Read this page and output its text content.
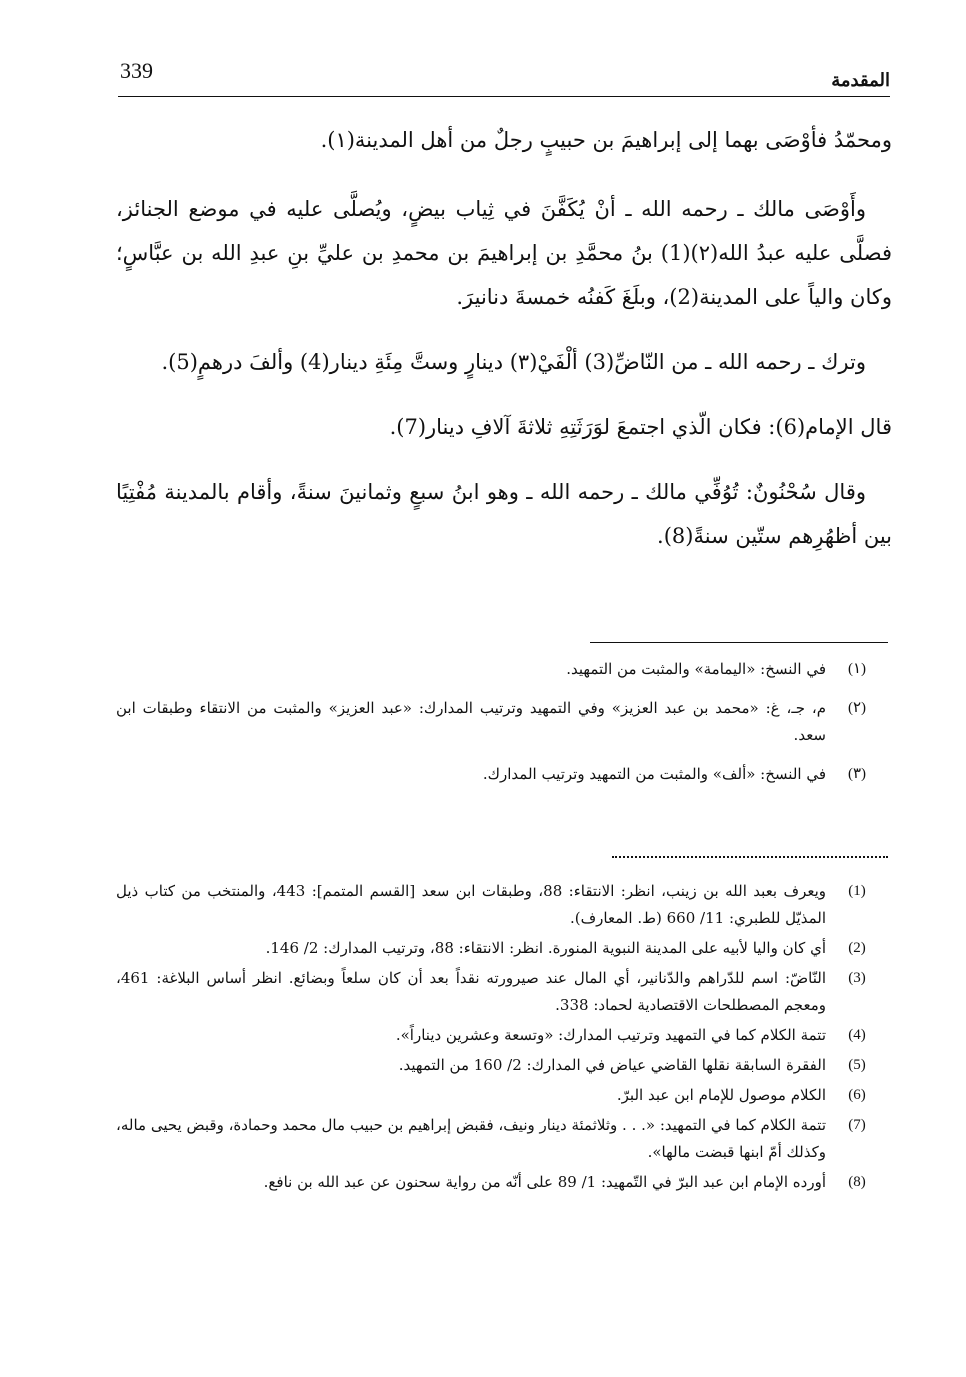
339	المقدمة

ومحمّدُ فأوْصَى بهما إلى إبراهيمَ بن حبيبٍ رجلٌ من أهل المدينة(١).

وأَوْصَى مالك ـ رحمه الله ـ أنْ يُكَفَّنَ في ثِياب بيضٍ، ويُصلَّى عليه في موضع الجنائز، فصلَّى عليه عبدُ الله(٢)(1) بنُ محمَّدِ بن إبراهيمَ بن محمدِ بن عليِّ بنِ عبدِ الله بن عبَّاسٍ؛ وكان والياً على المدينة(2)، وبلَغَ كَفنُه خمسةَ دنانيرَ.

وترك ـ رحمه الله ـ من النّاضِّ(3) ألْفَيْ(٣) دينارٍ وستَّ مِئَةِ دينار(4) وألفَ درهمٍ(5).

قال الإمام(6): فكان الّذي اجتمعَ لوَرَثَتِهِ ثلاثةَ آلافِ دينار(7).

وقال سُحْنُونٌ: تُوُفِّي مالك ـ رحمه الله ـ وهو ابنُ سبعٍ وثمانينَ سنةً، وأقام بالمدينة مُفْتِيًا بين أظهُرِهم ستّين سنةً(8).

(١)
في النسخ: «اليمامة» والمثبت من التمهيد.
(٢)
م، جـ، غ: «محمد بن عبد العزيز» وفي التمهيد وترتيب المدارك: «عبد العزيز» والمثبت من الانتقاء وطبقات ابن سعد.
(٣)
في النسخ: «ألف» والمثبت من التمهيد وترتيب المدارك.
(1)
ويعرف بعبد الله بن زينب، انظر: الانتقاء: 88، وطبقات ابن سعد [القسم المتمم]: 443، والمنتخب من كتاب ذيل المذيّل للطبري: 11/ 660 (ط. المعارف).
(2)
أي كان واليا لأبيه على المدينة النبوية المنورة. انظر: الانتقاء: 88، وترتيب المدارك: 2/ 146.
(3)
النّاضّ: اسم للدّراهم والدّنانير، أي المال عند صيرورته نقداً بعد أن كان سلعاً وبضائع. انظر أساس البلاغة: 461، ومعجم المصطلحات الاقتصادية لحماد: 338.
(4)
تتمة الكلام كما في التمهيد وترتيب المدارك: «وتسعة وعشرين ديناراً».
(5)
الفقرة السابقة نقلها القاضي عياض في المدارك: 2/ 160 من التمهيد.
(6)
الكلام موصول للإمام ابن عبد البرّ.
(7)
تتمة الكلام كما في التمهيد: «. . . وثلاثمئة دينار ونيف، فقبض إبراهيم بن حبيب مال محمد وحمادة، وقبض يحيى ماله، وكذلك أمّ ابنها قبضت مالها».
(8)
أورده الإمام ابن عبد البرّ في التّمهيد: 1/ 89 على أنّه من رواية سحنون عن عبد الله بن نافع.
